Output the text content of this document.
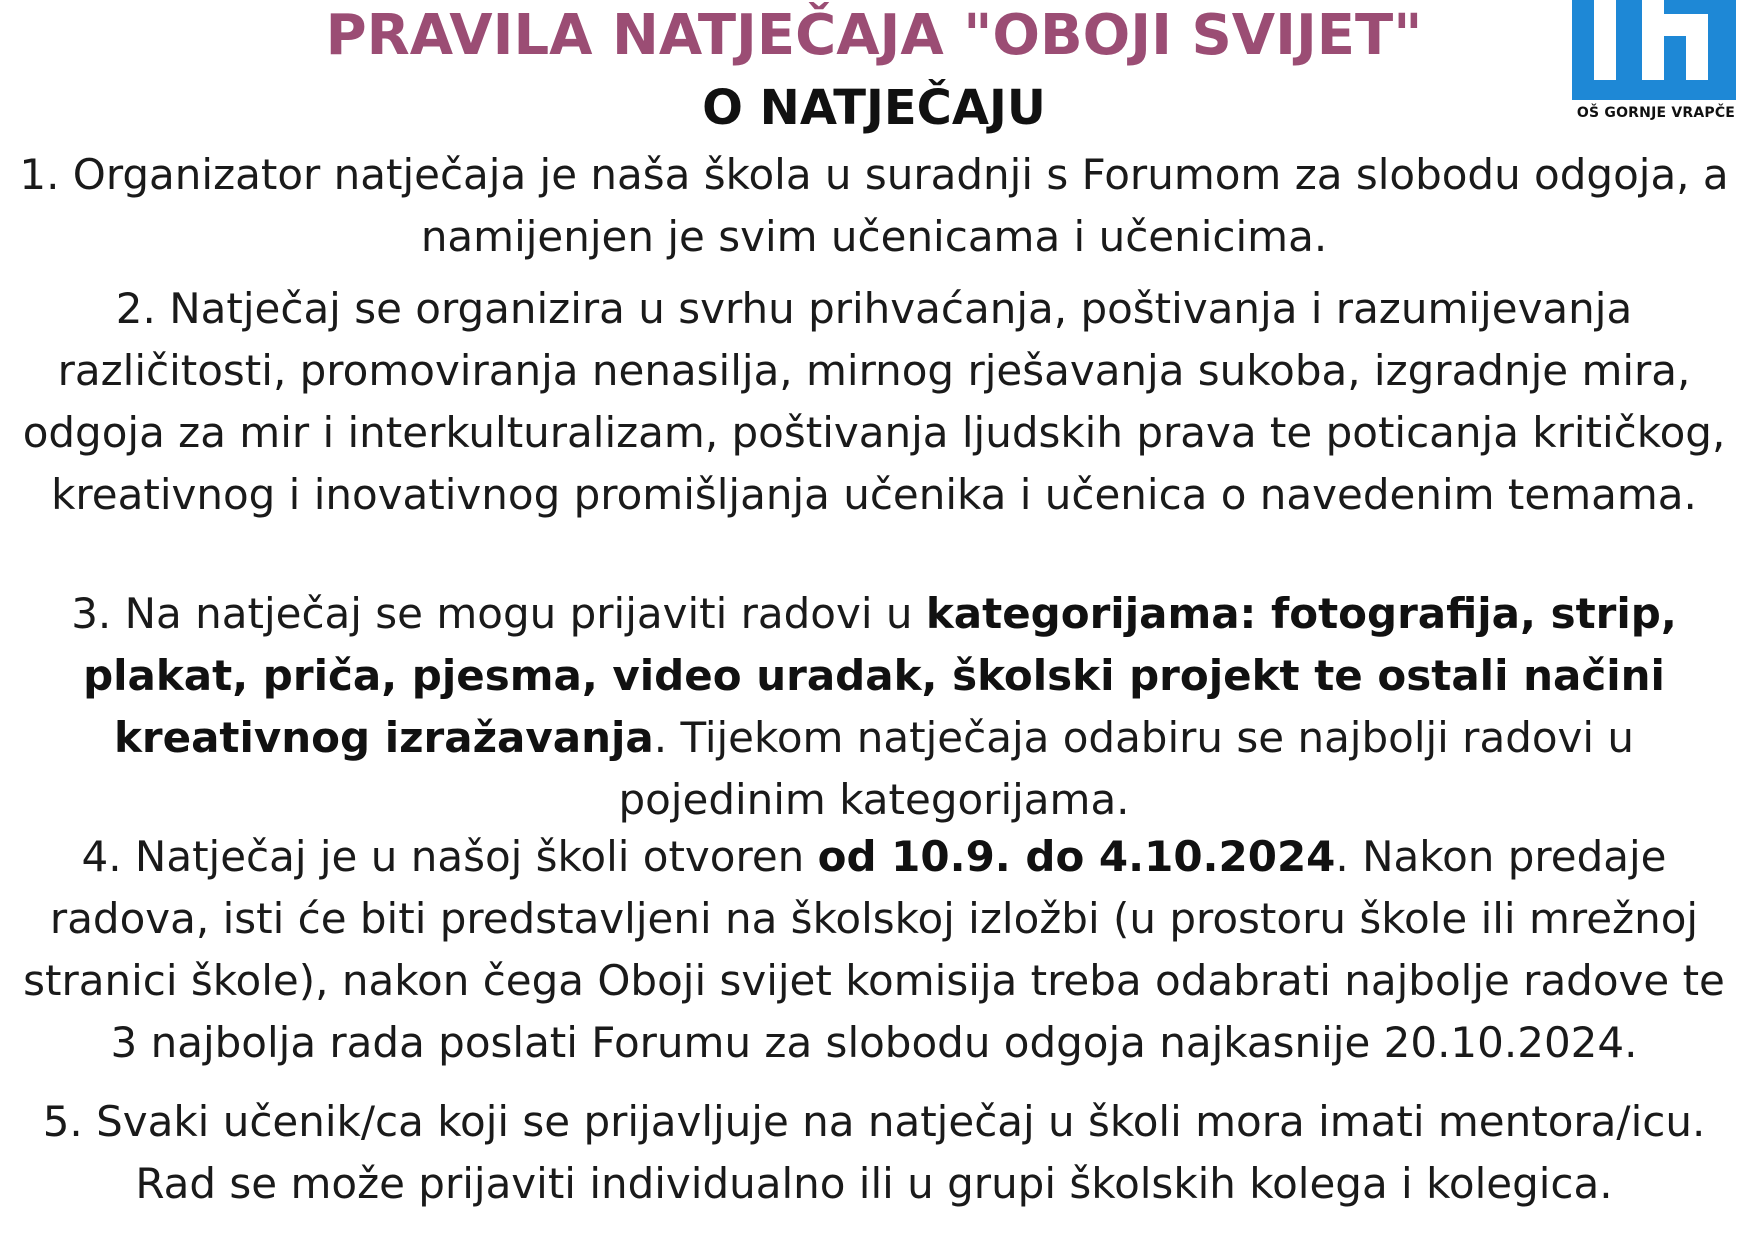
PRAVILA NATJEČAJA "OBOJI SVIJET"
O NATJEČAJU	OŠ GORNJE VRAPČE

1. Organizator natječaja je naša škola u suradnji s Forumom za slobodu odgoja, a namijenjen je svim učenicama i učenicima.

2. Natječaj se organizira u svrhu prihvaćanja, poštivanja i razumijevanja različitosti, promoviranja nenasilja, mirnog rješavanja sukoba, izgradnje mira, odgoja za mir i interkulturalizam, poštivanja ljudskih prava te poticanja kritičkog, kreativnog i inovativnog promišljanja učenika i učenica o navedenim temama.

3. Na natječaj se mogu prijaviti radovi u kategorijama: fotografija, strip, plakat, priča, pjesma, video uradak, školski projekt te ostali načini kreativnog izražavanja. Tijekom natječaja odabiru se najbolji radovi u pojedinim kategorijama.

4. Natječaj je u našoj školi otvoren od 10.9. do 4.10.2024. Nakon predaje radova, isti će biti predstavljeni na školskoj izložbi (u prostoru škole ili mrežnoj stranici škole), nakon čega Oboji svijet komisija treba odabrati najbolje radove te 3 najbolja rada poslati Forumu za slobodu odgoja najkasnije 20.10.2024.

5. Svaki učenik/ca koji se prijavljuje na natječaj u školi mora imati mentora/icu. Rad se može prijaviti individualno ili u grupi školskih kolega i kolegica.
